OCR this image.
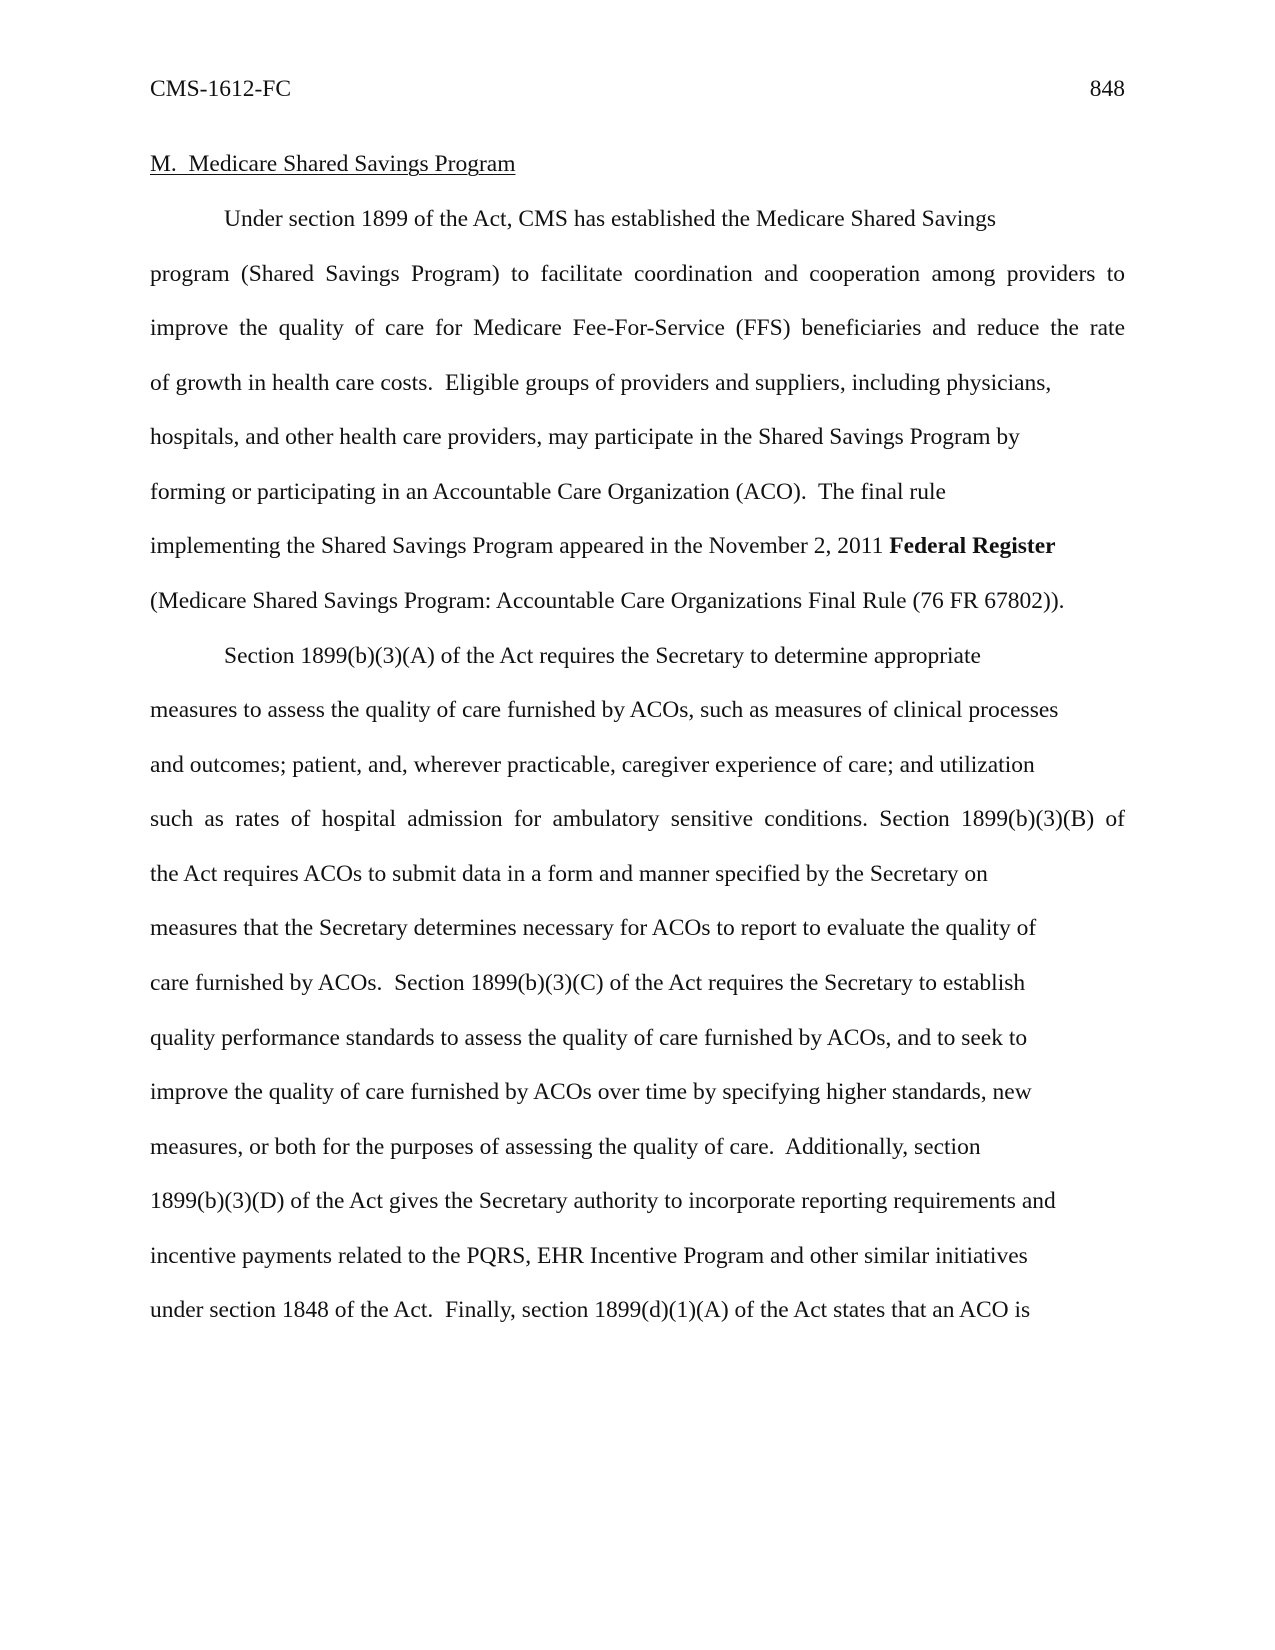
CMS-1612-FC	848
M.  Medicare Shared Savings Program
Under section 1899 of the Act, CMS has established the Medicare Shared Savings
program (Shared Savings Program) to facilitate coordination and cooperation among providers to
improve the quality of care for Medicare Fee-For-Service (FFS) beneficiaries and reduce the rate
of growth in health care costs.  Eligible groups of providers and suppliers, including physicians,
hospitals, and other health care providers, may participate in the Shared Savings Program by
forming or participating in an Accountable Care Organization (ACO).  The final rule
implementing the Shared Savings Program appeared in the November 2, 2011 Federal Register
(Medicare Shared Savings Program: Accountable Care Organizations Final Rule (76 FR 67802)).
Section 1899(b)(3)(A) of the Act requires the Secretary to determine appropriate
measures to assess the quality of care furnished by ACOs, such as measures of clinical processes
and outcomes; patient, and, wherever practicable, caregiver experience of care; and utilization
such as rates of hospital admission for ambulatory sensitive conditions. Section 1899(b)(3)(B) of
the Act requires ACOs to submit data in a form and manner specified by the Secretary on
measures that the Secretary determines necessary for ACOs to report to evaluate the quality of
care furnished by ACOs.  Section 1899(b)(3)(C) of the Act requires the Secretary to establish
quality performance standards to assess the quality of care furnished by ACOs, and to seek to
improve the quality of care furnished by ACOs over time by specifying higher standards, new
measures, or both for the purposes of assessing the quality of care.  Additionally, section
1899(b)(3)(D) of the Act gives the Secretary authority to incorporate reporting requirements and
incentive payments related to the PQRS, EHR Incentive Program and other similar initiatives
under section 1848 of the Act.  Finally, section 1899(d)(1)(A) of the Act states that an ACO is
